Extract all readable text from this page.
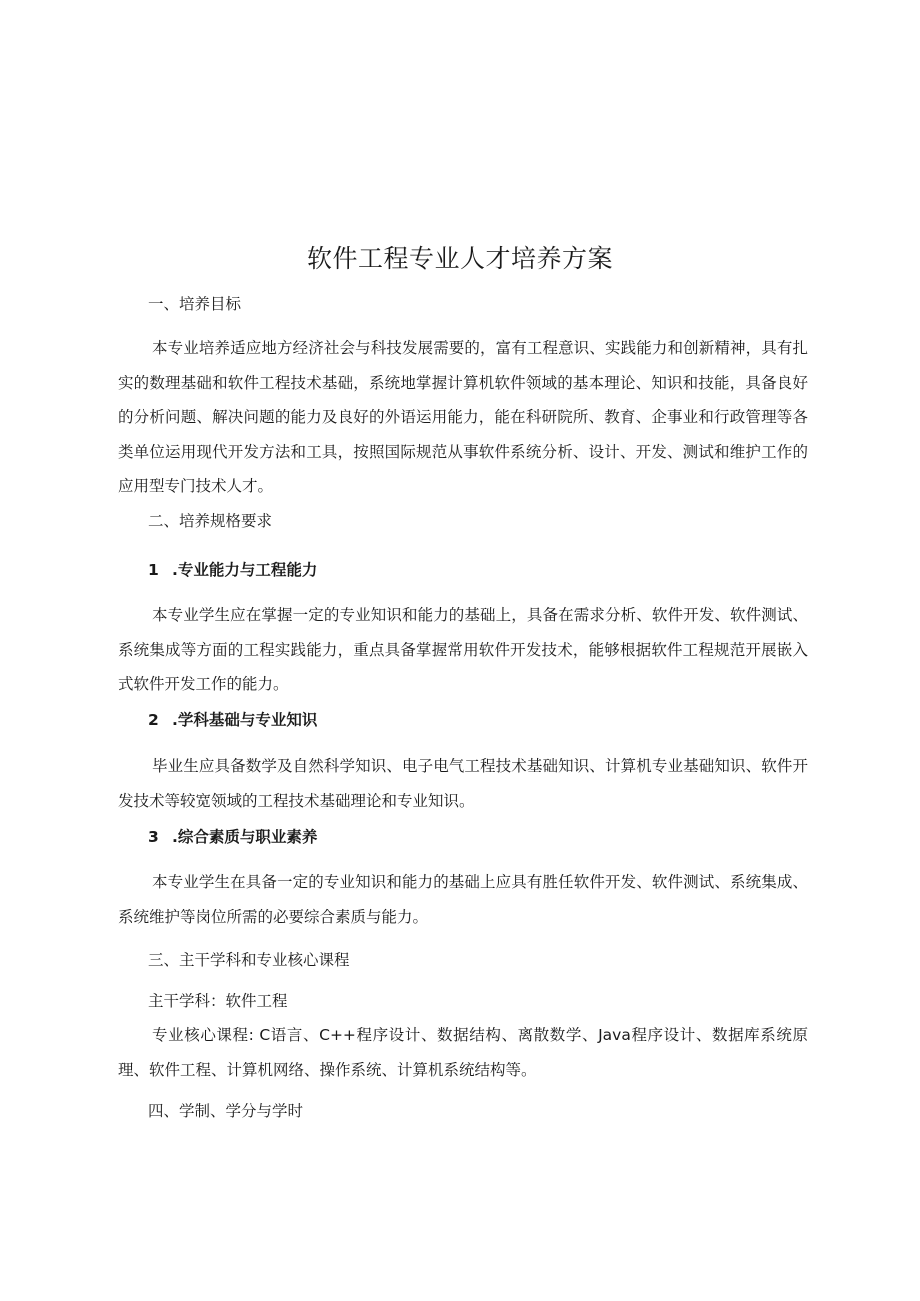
软件工程专业人才培养方案
一、培养目标

本专业培养适应地方经济社会与科技发展需要的，富有工程意识、实践能力和创新精神，具有扎实的数理基础和软件工程技术基础，系统地掌握计算机软件领域的基本理论、知识和技能，具备良好的分析问题、解决问题的能力及良好的外语运用能力，能在科研院所、教育、企事业和行政管理等各类单位运用现代开发方法和工具，按照国际规范从事软件系统分析、设计、开发、测试和维护工作的应用型专门技术人才。

二、培养规格要求
1 .专业能力与工程能力

本专业学生应在掌握一定的专业知识和能力的基础上，具备在需求分析、软件开发、软件测试、系统集成等方面的工程实践能力，重点具备掌握常用软件开发技术，能够根据软件工程规范开展嵌入式软件开发工作的能力。

2 .学科基础与专业知识

毕业生应具备数学及自然科学知识、电子电气工程技术基础知识、计算机专业基础知识、软件开发技术等较宽领域的工程技术基础理论和专业知识。

3 .综合素质与职业素养

本专业学生在具备一定的专业知识和能力的基础上应具有胜任软件开发、软件测试、系统集成、系统维护等岗位所需的必要综合素质与能力。

三、主干学科和专业核心课程
主干学科：软件工程

专业核心课程: C语言、C++程序设计、数据结构、离散数学、Java程序设计、数据库系统原理、软件工程、计算机网络、操作系统、计算机系统结构等。

四、学制、学分与学时
